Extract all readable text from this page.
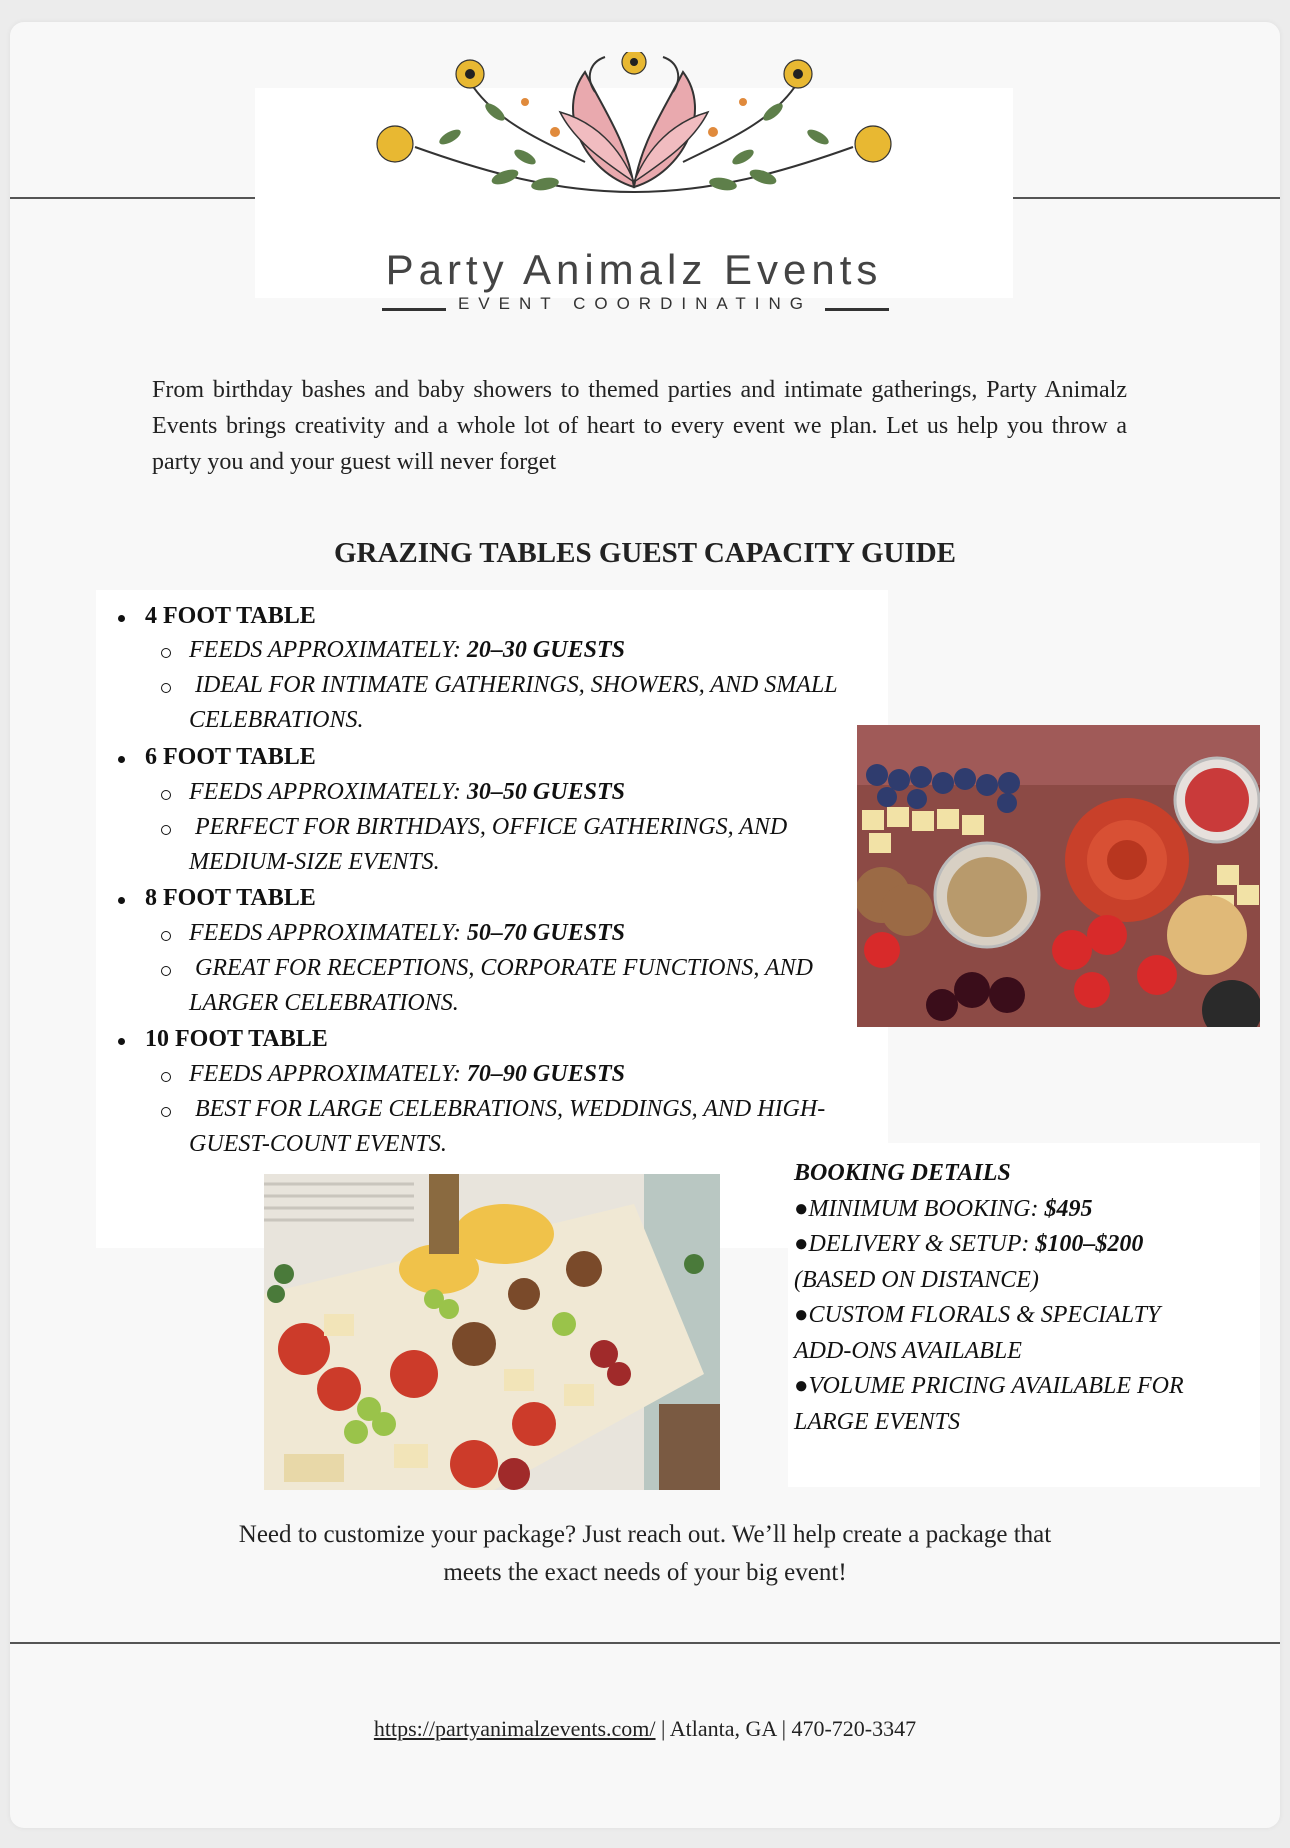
Party Animalz Events
EVENT COORDINATING
From birthday bashes and baby showers to themed parties and intimate gatherings, Party Animalz Events brings creativity and a whole lot of heart to every event we plan. Let us help you throw a party you and your guest will never forget
GRAZING TABLES GUEST CAPACITY GUIDE
4 FOOT TABLE
FEEDS APPROXIMATELY: 20–30 GUESTS
IDEAL FOR INTIMATE GATHERINGS, SHOWERS, AND SMALL
CELEBRATIONS.
6 FOOT TABLE
FEEDS APPROXIMATELY: 30–50 GUESTS
PERFECT FOR BIRTHDAYS, OFFICE GATHERINGS, AND
MEDIUM-SIZE EVENTS.
8 FOOT TABLE
FEEDS APPROXIMATELY: 50–70 GUESTS
GREAT FOR RECEPTIONS, CORPORATE FUNCTIONS, AND
LARGER CELEBRATIONS.
10 FOOT TABLE
FEEDS APPROXIMATELY: 70–90 GUESTS
BEST FOR LARGE CELEBRATIONS, WEDDINGS, AND HIGH-
GUEST-COUNT EVENTS.
BOOKING DETAILS
●MINIMUM BOOKING: $495
●DELIVERY & SETUP: $100–$200
(BASED ON DISTANCE)
●CUSTOM FLORALS & SPECIALTY
ADD-ONS AVAILABLE
●VOLUME PRICING AVAILABLE FOR
LARGE EVENTS
Need to customize your package? Just reach out. We’ll help create a package that
meets the exact needs of your big event!
https://partyanimalzevents.com/ | Atlanta, GA | 470-720-3347
